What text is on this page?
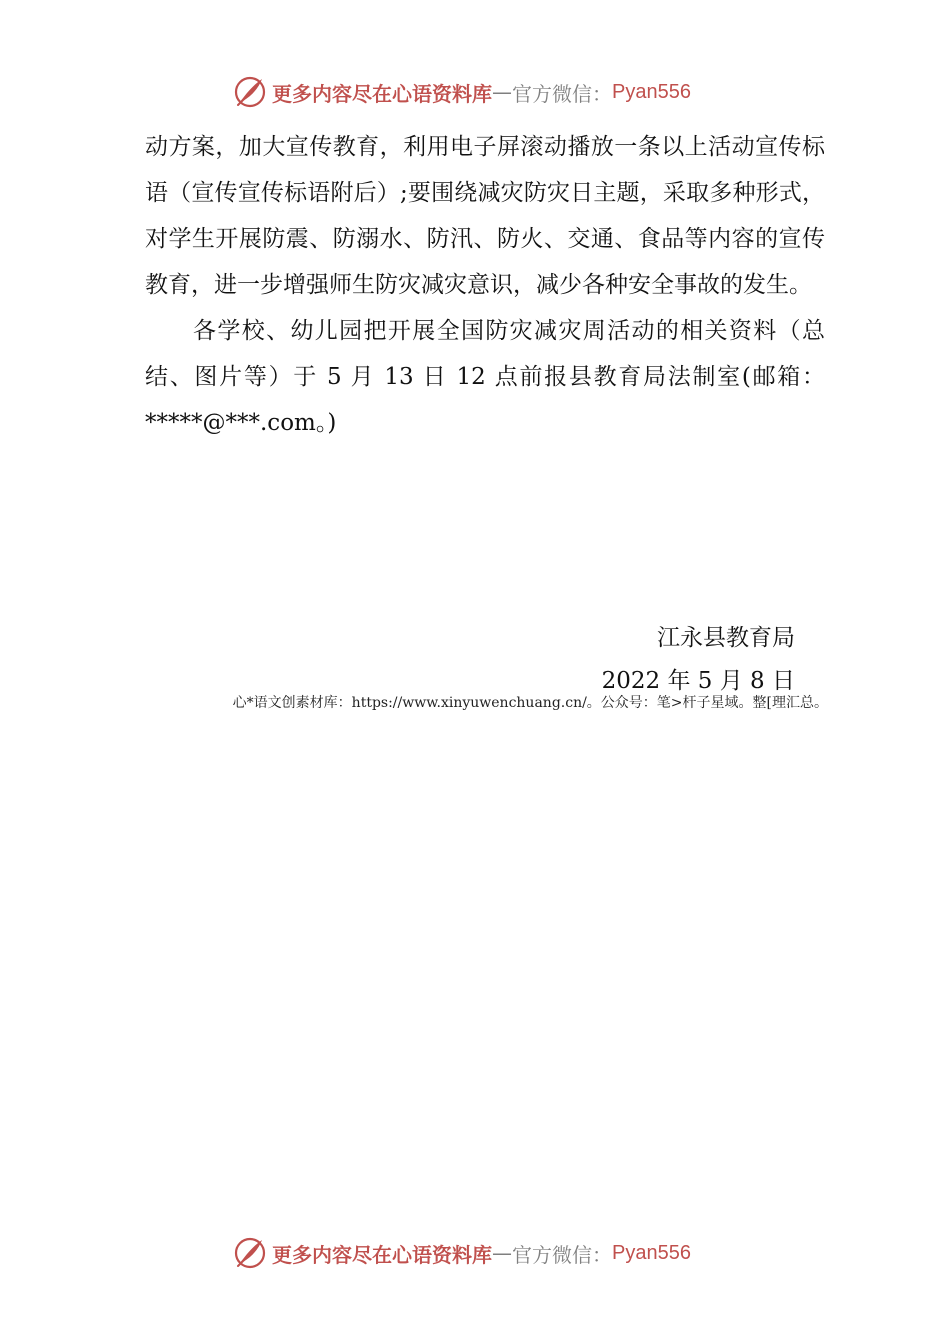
更多内容尽在心语资料库 — 官方微信： Pyan556

动方案，加大宣传教育，利用电子屏滚动播放一条以上活动宣传标语（宣传宣传标语附后）;要围绕减灾防灾日主题，采取多种形式，对学生开展防震、防溺水、防汛、防火、交通、食品等内容的宣传教育，进一步增强师生防灾减灾意识，减少各种安全事故的发生。

各学校、幼儿园把开展全国防灾减灾周活动的相关资料（总结、图片等）于 5 月 13 日 12 点前报县教育局法制室(邮箱：*****@***.com。)

江永县教育局
2022 年 5 月 8 日
心*语文创素材库：https://www.xinyuwenchuang.cn/。公众号：笔>杆子星域。整[理汇总。
更多内容尽在心语资料库 — 官方微信： Pyan556
